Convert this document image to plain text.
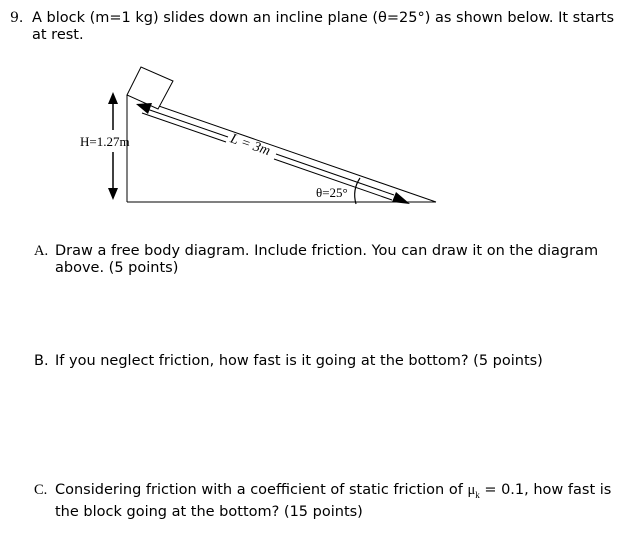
9. A block (m=1 kg) slides down an incline plane (θ=25°) as shown below. It starts at rest.
H=1.27m	L = 3m
θ=25°
A. Draw a free body diagram. Include friction. You can draw it on the diagram above. (5 points)
B. If you neglect friction, how fast is it going at the bottom? (5 points)
C. Considering friction with a coefficient of static friction of $\mu_k = 0.1$, how fast is the block going at the bottom? (15 points)
